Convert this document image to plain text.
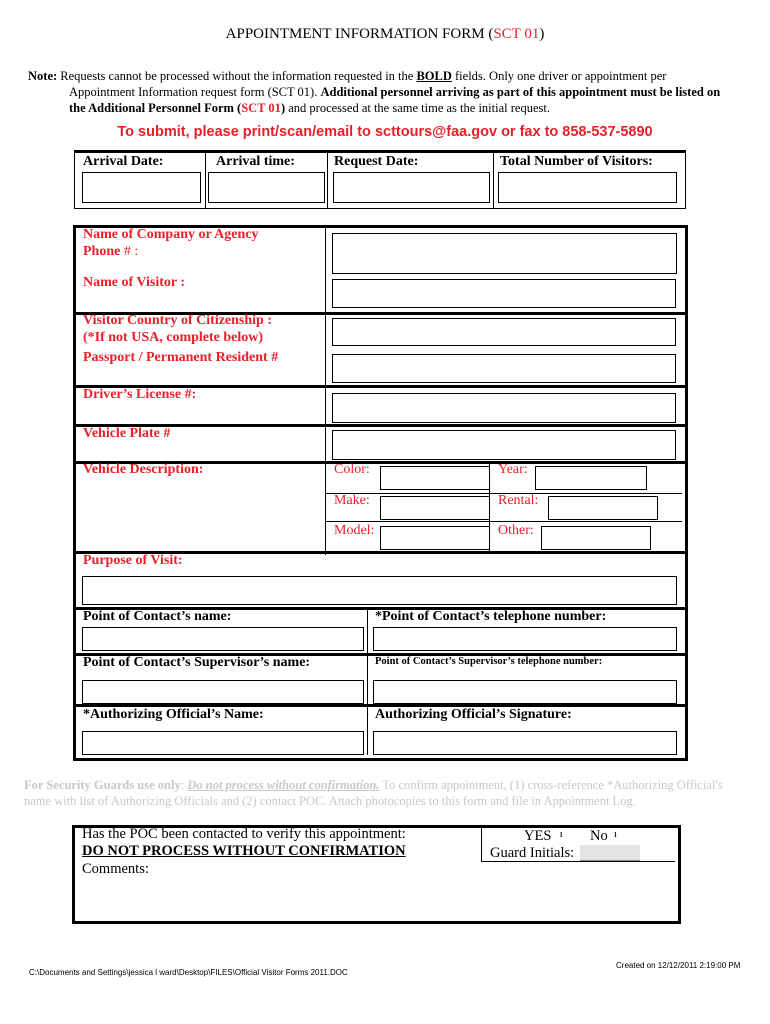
APPOINTMENT INFORMATION FORM (SCT 01)
Note: Requests cannot be processed without the information requested in the BOLD fields. Only one driver or appointment per
Appointment Information request form (SCT 01). Additional personnel arriving as part of this appointment must be listed on
the Additional Personnel Form (SCT 01) and processed at the same time as the initial request.
To submit, please print/scan/email to scttours@faa.gov or fax to 858-537-5890
Arrival Date:	Arrival time:	Request Date:	Total Number of Visitors:
Name of Company or Agency
Phone # :
Name of Visitor :
Visitor Country of Citizenship :
(*If not USA, complete below)
Passport / Permanent Resident #
Driver’s License #:
Vehicle Plate #
Vehicle Description:	Color:	Year:
Make:	Rental:
Model:	Other:
Purpose of Visit:
Point of Contact’s name:	*Point of Contact’s telephone number:
Point of Contact’s Supervisor’s name:	Point of Contact’s Supervisor’s telephone number:
*Authorizing Official’s Name:	Authorizing Official’s Signature:
For Security Guards use only: Do not process without confirmation. To confirm appointment, (1) cross-reference *Authorizing Official's name with list of Authorizing Officials and (2) contact POC. Attach photocopies to this form and file in Appointment Log.
Has the POC been contacted to verify this appointment:
DO NOT PROCESS WITHOUT CONFIRMATION
Comments:
YES $^ı$ No $^ı$
Guard Initials:
C:\Documents and Settings\jessica l ward\Desktop\FILES\Official Visitor Forms 2011.DOC
Created on 12/12/2011 2:19:00 PM
